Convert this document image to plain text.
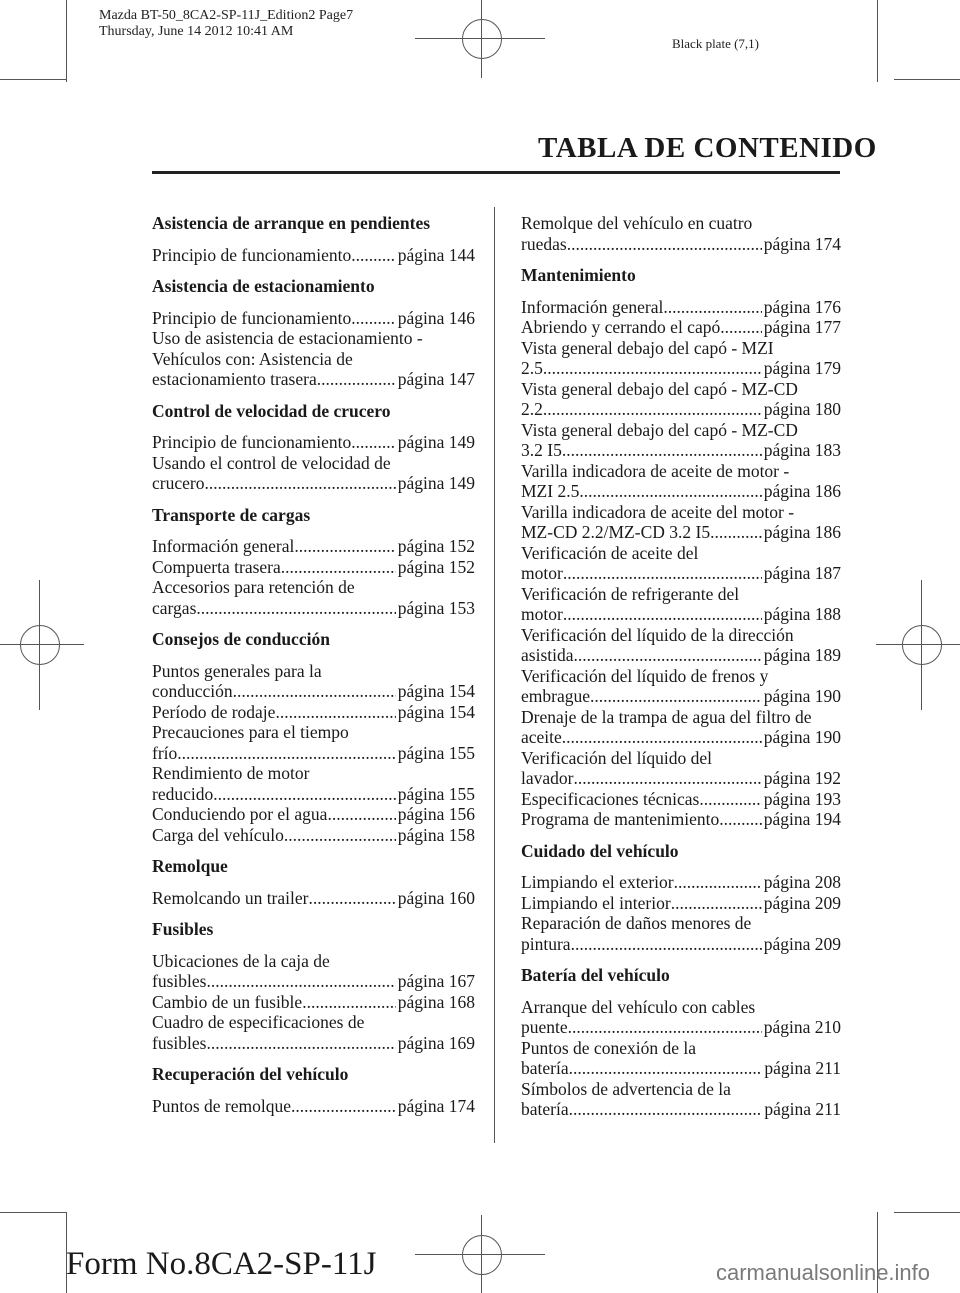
Mazda BT-50_8CA2-SP-11J_Edition2 Page7
Thursday, June 14 2012 10:41 AM
Black plate (7,1)
TABLA DE CONTENIDO
Asistencia de arranque en pendientes
Principio de funcionamiento .....	página 144
Asistencia de estacionamiento
Principio de funcionamiento .....	página 146
Uso de asistencia de estacionamiento -
Vehículos con: Asistencia de
estacionamiento trasera .....	página 147
Control de velocidad de crucero
Principio de funcionamiento .....	página 149
Usando el control de velocidad de
crucero .....	página 149
Transporte de cargas
Información general .....	página 152
Compuerta trasera .....	página 152
Accesorios para retención de
cargas .....	página 153
Consejos de conducción
Puntos generales para la
conducción .....	página 154
Período de rodaje .....	página 154
Precauciones para el tiempo
frío .....	página 155
Rendimiento de motor
reducido .....	página 155
Conduciendo por el agua .....	página 156
Carga del vehículo .....	página 158
Remolque
Remolcando un trailer .....	página 160
Fusibles
Ubicaciones de la caja de
fusibles .....	página 167
Cambio de un fusible .....	página 168
Cuadro de especificaciones de
fusibles .....	página 169
Recuperación del vehículo
Puntos de remolque .....	página 174
Remolque del vehículo en cuatro
ruedas .....	página 174
Mantenimiento
Información general .....	página 176
Abriendo y cerrando el capó ..... página 177
Vista general debajo del capó - MZI
2.5 .....	página 179
Vista general debajo del capó - MZ-CD
2.2 .....	página 180
Vista general debajo del capó - MZ-CD
3.2 I5 .....	página 183
Varilla indicadora de aceite de motor -
MZI 2.5 .....	página 186
Varilla indicadora de aceite del motor -
MZ-CD 2.2/MZ-CD 3.2 I5 .....	página 186
Verificación de aceite del
motor .....	página 187
Verificación de refrigerante del
motor .....	página 188
Verificación del líquido de la dirección
asistida .....	página 189
Verificación del líquido de frenos y
embrague .....	página 190
Drenaje de la trampa de agua del filtro de
aceite .....	página 190
Verificación del líquido del
lavador .....	página 192
Especificaciones técnicas .....	página 193
Programa de mantenimiento .....	página 194
Cuidado del vehículo
Limpiando el exterior .....	página 208
Limpiando el interior .....	página 209
Reparación de daños menores de
pintura .....	página 209
Batería del vehículo
Arranque del vehículo con cables
puente .....	página 210
Puntos de conexión de la
batería .....	página 211
Símbolos de advertencia de la
batería .....	página 211
Form No.8CA2-SP-11J	carmanualsonline.info
